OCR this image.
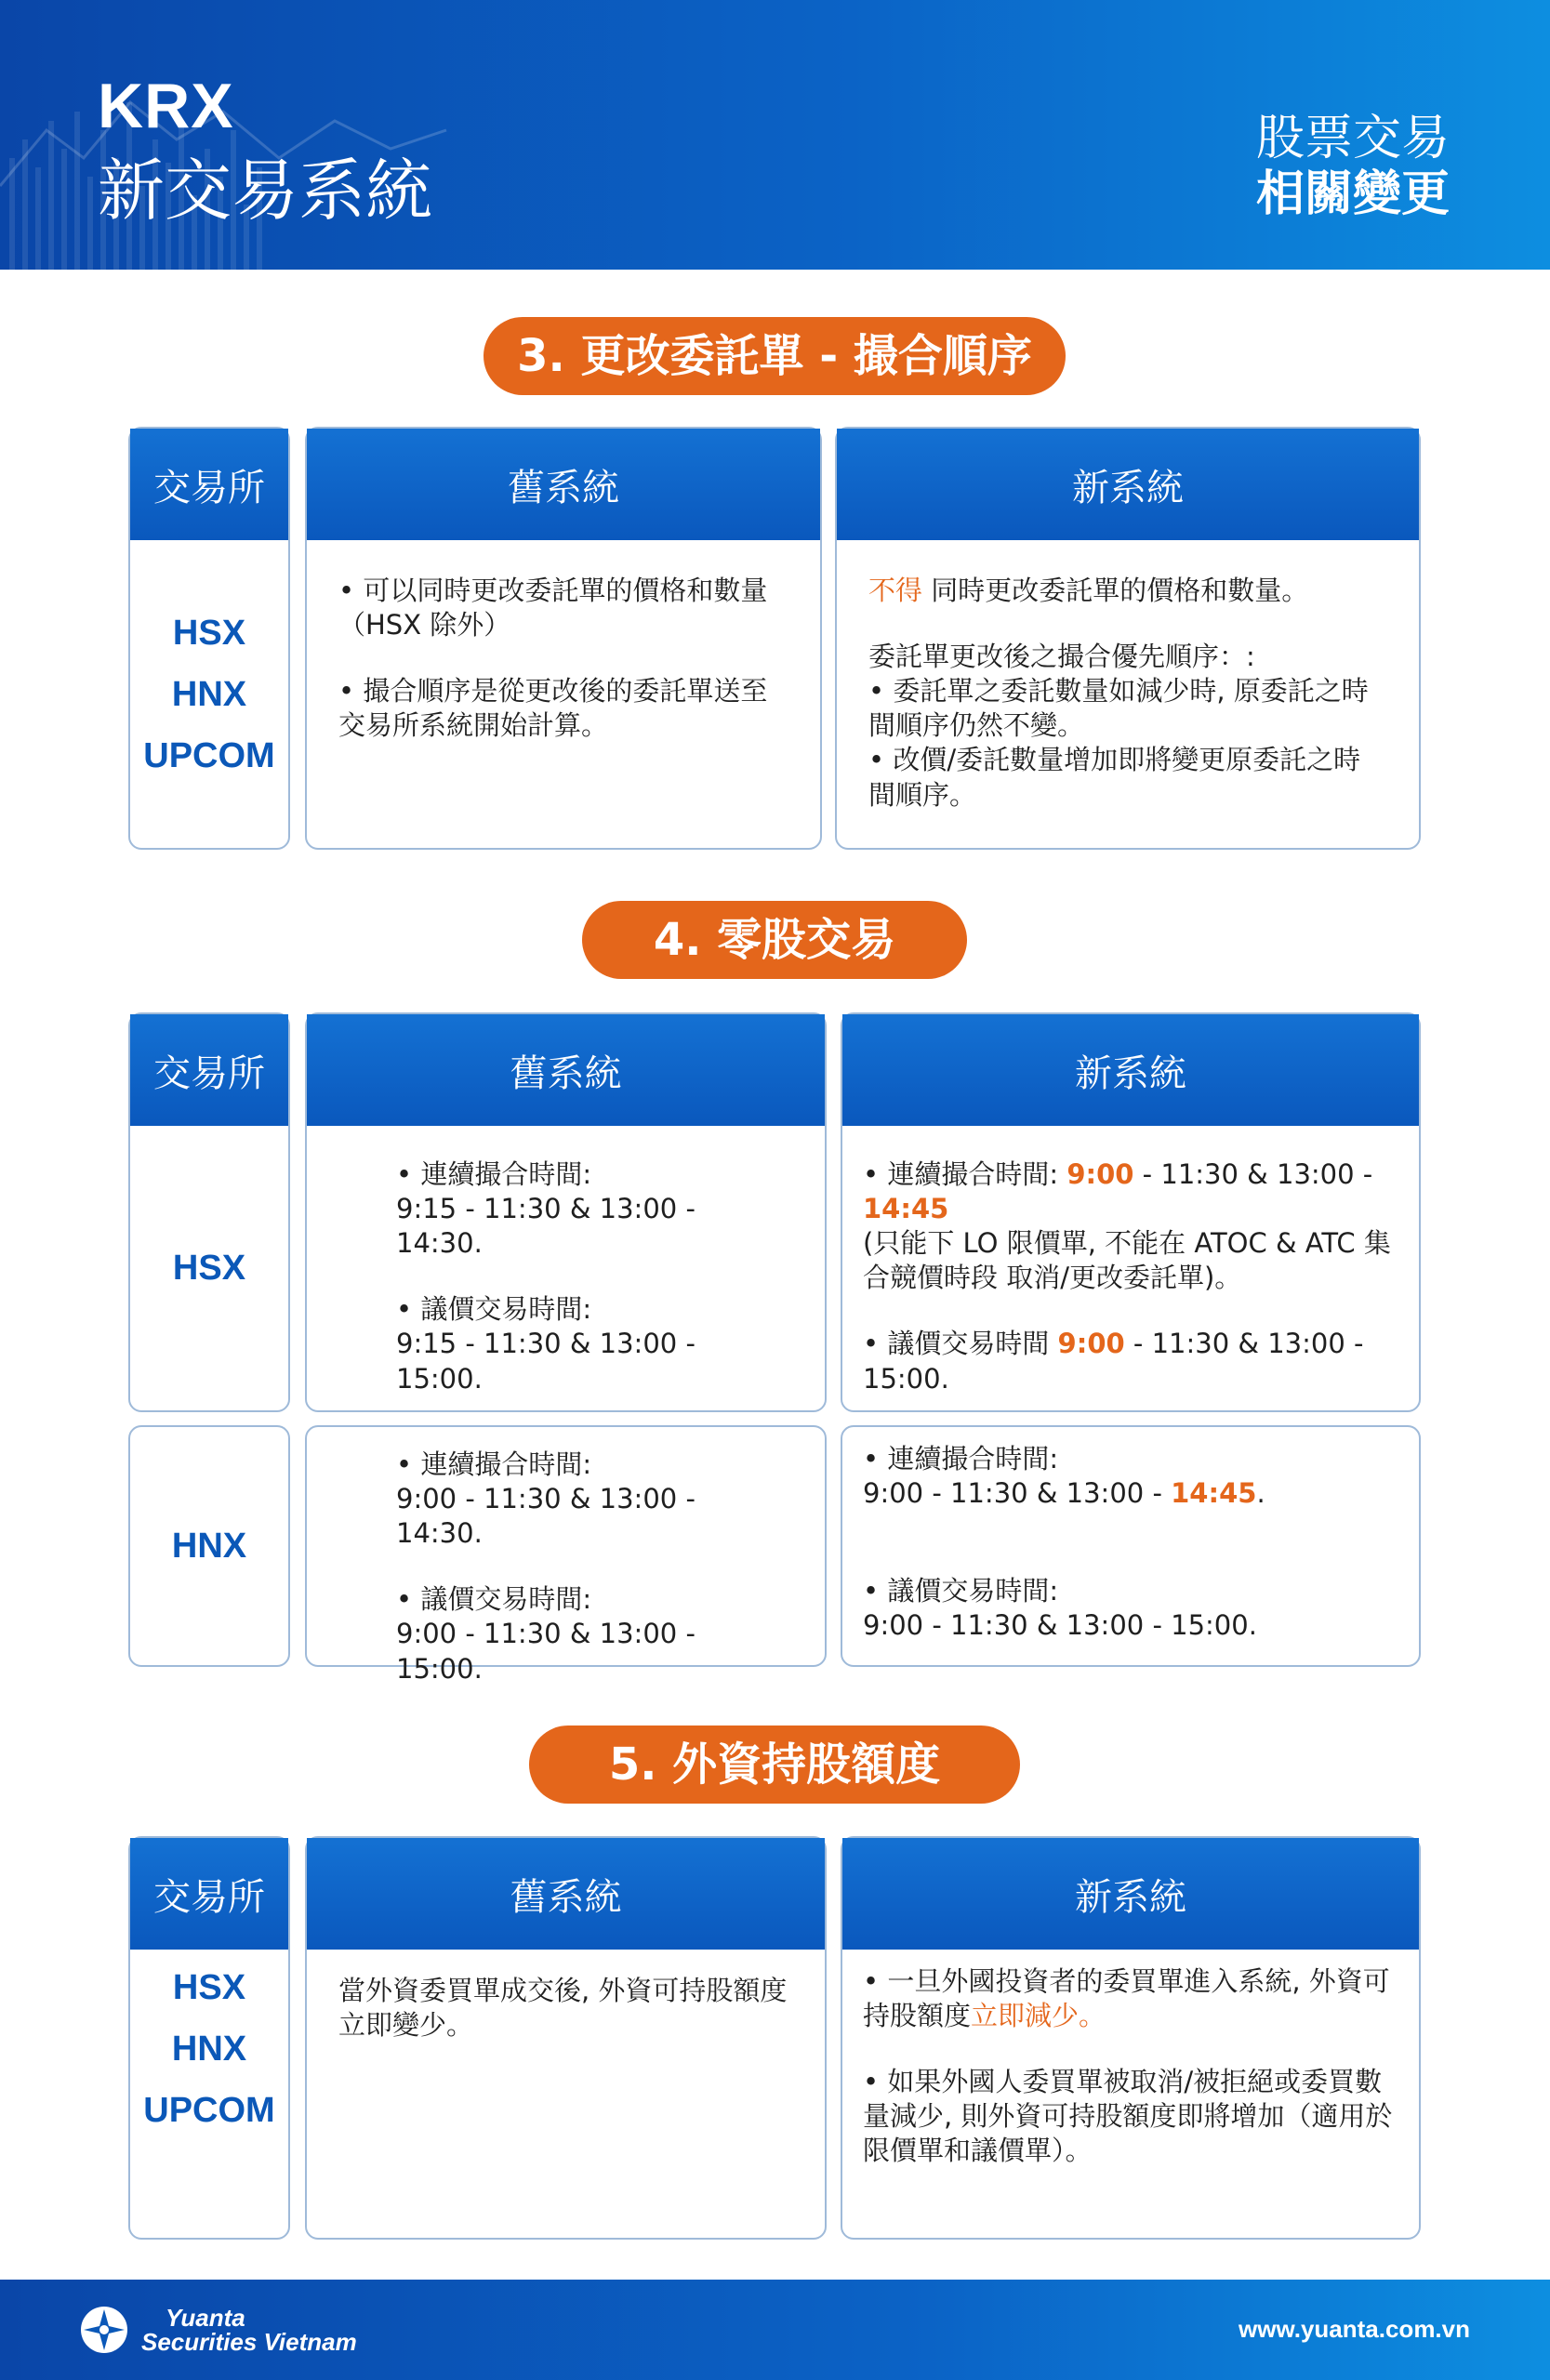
KRX
新交易系統
股票交易
相關變更
3. 更改委託單 - 撮合順序
交易所
HSX
HNX
UPCOM
舊系統

• 可以同時更改委託單的價格和數量（HSX 除外）

• 撮合順序是從更改後的委託單送至交易所系統開始計算。

新系統

不得 同時更改委託單的價格和數量。

委託單更改後之撮合優先順序：:

• 委託單之委託數量如減少時, 原委託之時間順序仍然不變。

• 改價/委託數量增加即將變更原委託之時間順序。

4. 零股交易
交易所
HSX
舊系統

• 連續撮合時間:

9:15 - 11:30 & 13:00 - 14:30.

• 議價交易時間:

9:15 - 11:30 & 13:00 - 15:00.

新系統

• 連續撮合時間: 9:00 - 11:30 & 13:00 - 14:45
(只能下 LO 限價單, 不能在 ATOC & ATC 集合競價時段 取消/更改委託單)。

• 議價交易時間 9:00 - 11:30 & 13:00 - 15:00.

HNX

• 連續撮合時間:

9:00 - 11:30 & 13:00 - 14:30.

• 議價交易時間:

9:00 - 11:30 & 13:00 - 15:00.

• 連續撮合時間:

9:00 - 11:30 & 13:00 - 14:45.

• 議價交易時間:

9:00 - 11:30 & 13:00 - 15:00.

5. 外資持股額度
交易所
HSX
HNX
UPCOM
舊系統

當外資委買單成交後, 外資可持股額度立即變少。

新系統

• 一旦外國投資者的委買單進入系統, 外資可持股額度立即減少。

• 如果外國人委買單被取消/被拒絕或委買數量減少, 則外資可持股額度即將增加（適用於限價單和議價單）。

Yuanta
Securities Vietnam	www.yuanta.com.vn
